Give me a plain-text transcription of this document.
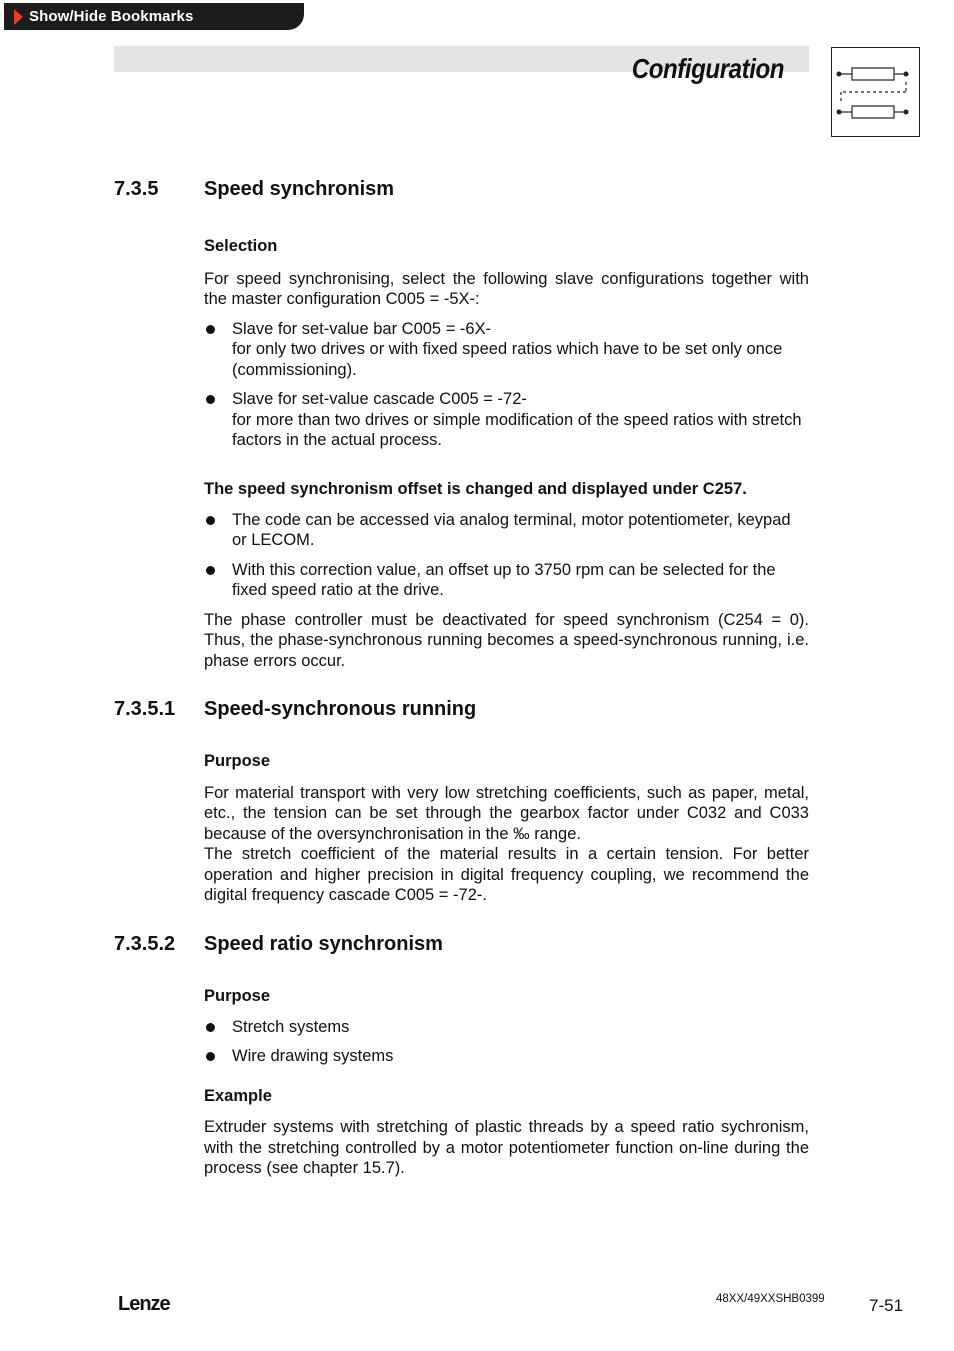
Show/Hide Bookmarks
Configuration
7.3.5 Speed synchronism
Selection
For speed synchronising, select the following slave configurations together with the master configuration C005 = -5X-:
Slave for set-value bar C005 = -6X-
for only two drives or with fixed speed ratios which have to be set only once (commissioning).
Slave for set-value cascade C005 = -72-
for more than two drives or simple modification of the speed ratios with stretch factors in the actual process.
The speed synchronism offset is changed and displayed under C257.
The code can be accessed via analog terminal, motor potentiometer, keypad or LECOM.
With this correction value, an offset up to 3750 rpm can be selected for the fixed speed ratio at the drive.
The phase controller must be deactivated for speed synchronism (C254 = 0). Thus, the phase-synchronous running becomes a speed-synchronous running, i.e. phase errors occur.
7.3.5.1 Speed-synchronous running
Purpose
For material transport with very low stretching coefficients, such as paper, metal, etc., the tension can be set through the gearbox factor under C032 and C033 because of the oversynchronisation in the ‰ range.
The stretch coefficient of the material results in a certain tension. For better operation and higher precision in digital frequency coupling, we recommend the digital frequency cascade C005 = -72-.
7.3.5.2 Speed ratio synchronism
Purpose
Stretch systems
Wire drawing systems
Example
Extruder systems with stretching of plastic threads by a speed ratio sychronism, with the stretching controlled by a motor potentiometer function on-line during the process (see chapter 15.7).
Lenze	48XX/49XXSHB0399	7-51
